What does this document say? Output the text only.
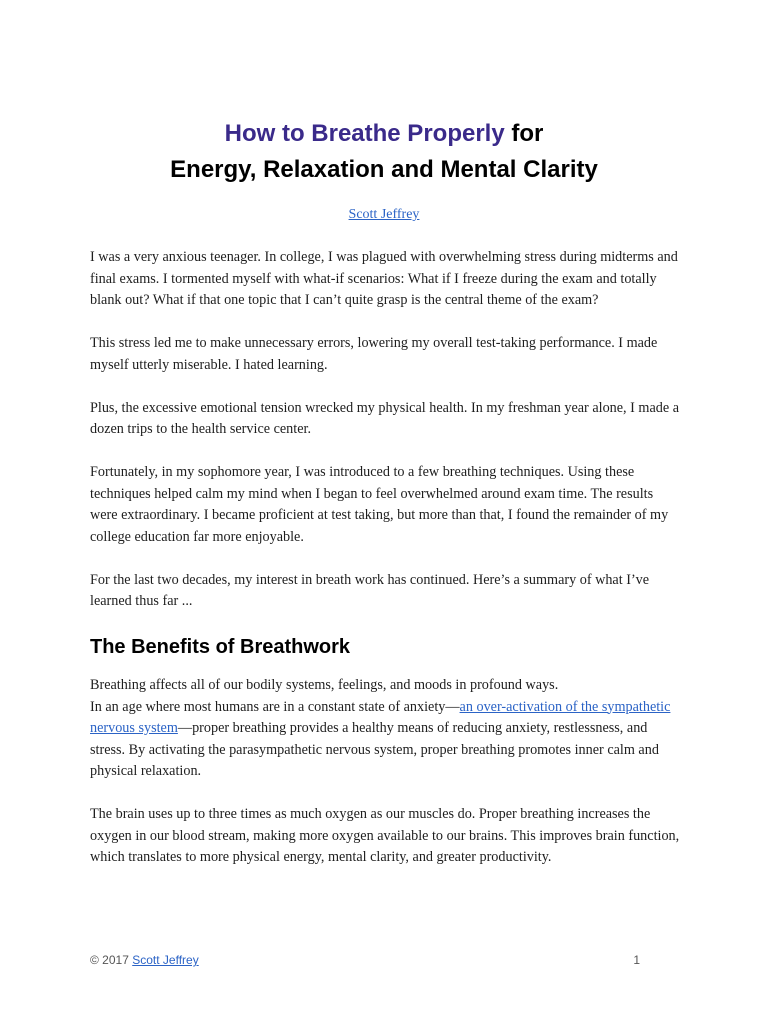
How to Breathe Properly for
Energy, Relaxation and Mental Clarity
Scott Jeffrey

I was a very anxious teenager. In college, I was plagued with overwhelming stress during midterms and final exams. I tormented myself with what-if scenarios: What if I freeze during the exam and totally blank out? What if that one topic that I can’t quite grasp is the central theme of the exam?

This stress led me to make unnecessary errors, lowering my overall test-taking performance. I made myself utterly miserable. I hated learning.

Plus, the excessive emotional tension wrecked my physical health. In my freshman year alone, I made a dozen trips to the health service center.

Fortunately, in my sophomore year, I was introduced to a few breathing techniques. Using these techniques helped calm my mind when I began to feel overwhelmed around exam time. The results were extraordinary. I became proficient at test taking, but more than that, I found the remainder of my college education far more enjoyable.

For the last two decades, my interest in breath work has continued. Here’s a summary of what I’ve learned thus far ...

The Benefits of Breathwork

Breathing affects all of our bodily systems, feelings, and moods in profound ways.
In an age where most humans are in a constant state of anxiety—an over-activation of the sympathetic nervous system—proper breathing provides a healthy means of reducing anxiety, restlessness, and stress. By activating the parasympathetic nervous system, proper breathing promotes inner calm and physical relaxation.

The brain uses up to three times as much oxygen as our muscles do. Proper breathing increases the oxygen in our blood stream, making more oxygen available to our brains. This improves brain function, which translates to more physical energy, mental clarity, and greater productivity.

© 2017 Scott Jeffrey	1
